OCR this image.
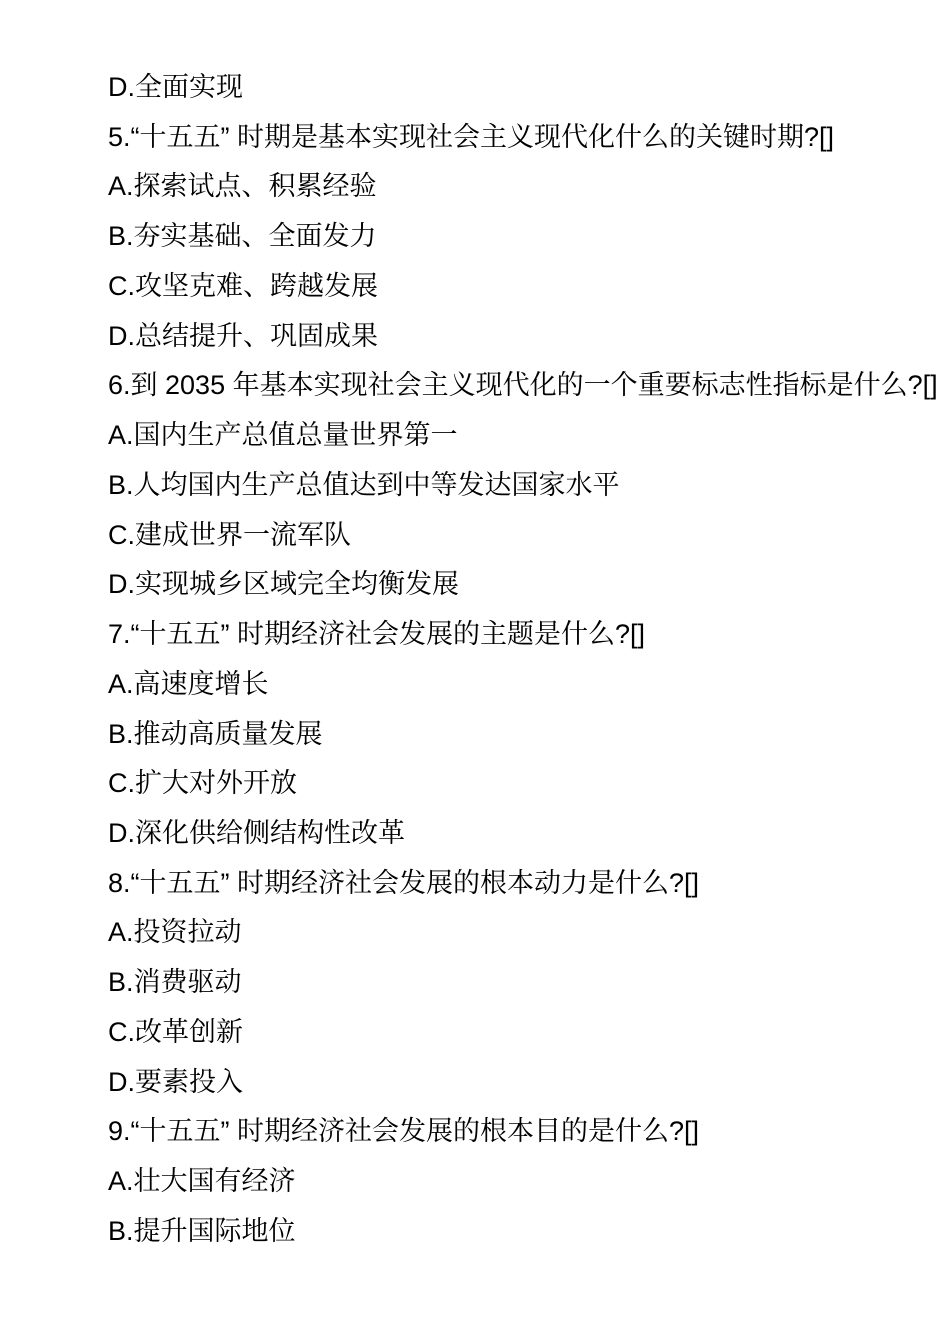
D.全面实现
5.“十五五” 时期是基本实现社会主义现代化什么的关键时期?[]
A.探索试点、积累经验
B.夯实基础、全面发力
C.攻坚克难、跨越发展
D.总结提升、巩固成果
6.到 2035 年基本实现社会主义现代化的一个重要标志性指标是什么?[]
A.国内生产总值总量世界第一
B.人均国内生产总值达到中等发达国家水平
C.建成世界一流军队
D.实现城乡区域完全均衡发展
7.“十五五” 时期经济社会发展的主题是什么?[]
A.高速度增长
B.推动高质量发展
C.扩大对外开放
D.深化供给侧结构性改革
8.“十五五” 时期经济社会发展的根本动力是什么?[]
A.投资拉动
B.消费驱动
C.改革创新
D.要素投入
9.“十五五” 时期经济社会发展的根本目的是什么?[]
A.壮大国有经济
B.提升国际地位
